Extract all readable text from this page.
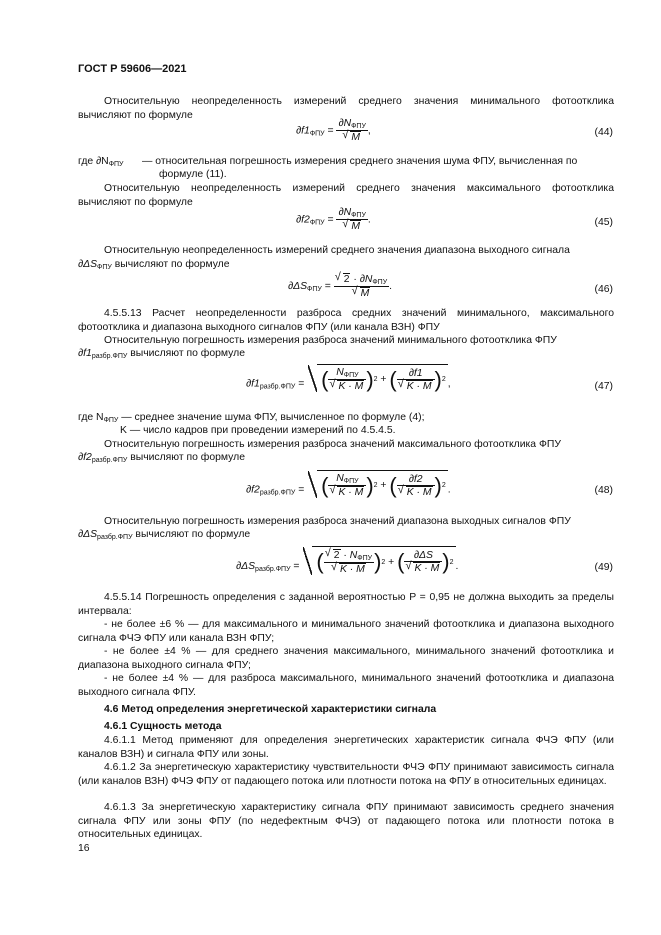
ГОСТ Р 59606—2021
Относительную неопределенность измерений среднего значения минимального фотоотклика вычисляют по формуле
$\partial f1_{ФПУ} = \partial N_{ФПУ}$
√ M ,	(44)
где $\partial N_{ФПУ}$ — относительная погрешность измерения среднего значения шума ФПУ, вычисленная по
формуле (11).
Относительную неопределенность измерений среднего значения максимального фотоотклика вычисляют по формуле
$\partial f2_{ФПУ} = \partial N_{ФПУ}$
√ M .	(45)
Относительную неопределенность измерений среднего значения диапазона выходного сигнала
$\partial\Delta S_{ФПУ}$ вычисляют по формуле
$\partial\Delta S_{ФПУ}$ = √ $2 \cdot \partial N_{ФПУ}$
√ M .	(46)
4.5.5.13 Расчет неопределенности разброса средних значений минимального, максимального фотоотклика и диапазона выходного сигналов ФПУ (или канала ВЗН) ФПУ
Относительную погрешность измерения разброса значений минимального фотоотклика ФПУ
$\partial f1_{разбр.ФПУ}$ вычисляют по формуле
$\partial f1_{разбр.ФПУ}$ = ( $N_{ФПУ}$
√ K · M ) 2 + ( ∂f1
√ K · M ) 2 ,	(47)
где $N_{ФПУ}$ — среднее значение шума ФПУ, вычисленное по формуле (4);
K — число кадров при проведении измерений по 4.5.4.5.
Относительную погрешность измерения разброса значений максимального фотоотклика ФПУ
$\partial f2_{разбр.ФПУ}$ вычисляют по формуле
$\partial f2_{разбр.ФПУ}$ = ( $N_{ФПУ}$
√ K · M ) 2 + ( ∂f2
√ K · M ) 2 .	(48)
Относительную погрешность измерения разброса значений диапазона выходных сигналов ФПУ
$\partial\Delta S_{разбр.ФПУ}$ вычисляют по формуле
$\partial\Delta S_{разбр.ФПУ}$ = ( √ $2 \cdot N_{ФПУ}$
√ K · M ) 2 + ( ∂ΔS
√ K · M ) 2 .	(49)
4.5.5.14 Погрешность определения с заданной вероятностью P = 0,95 не должна выходить за пределы интервала:
- не более ±6 % — для максимального и минимального значений фотоотклика и диапазона выходного сигнала ФЧЭ ФПУ или канала ВЗН ФПУ;
- не более ±4 % — для среднего значения максимального, минимального значений фотоотклика и диапазона выходного сигнала ФПУ;
- не более ±4 % — для разброса максимального, минимального значений фотоотклика и диапазона выходного сигнала ФПУ.
4.6 Метод определения энергетической характеристики сигнала
4.6.1 Сущность метода
4.6.1.1 Метод применяют для определения энергетических характеристик сигнала ФЧЭ ФПУ (или каналов ВЗН) и сигнала ФПУ или зоны.
4.6.1.2 За энергетическую характеристику чувствительности ФЧЭ ФПУ принимают зависимость сигнала (или каналов ВЗН) ФЧЭ ФПУ от падающего потока или плотности потока на ФПУ в относительных единицах.
4.6.1.3 За энергетическую характеристику сигнала ФПУ принимают зависимость среднего значения сигнала ФПУ или зоны ФПУ (по недефектным ФЧЭ) от падающего потока или плотности потока в относительных единицах.
16
